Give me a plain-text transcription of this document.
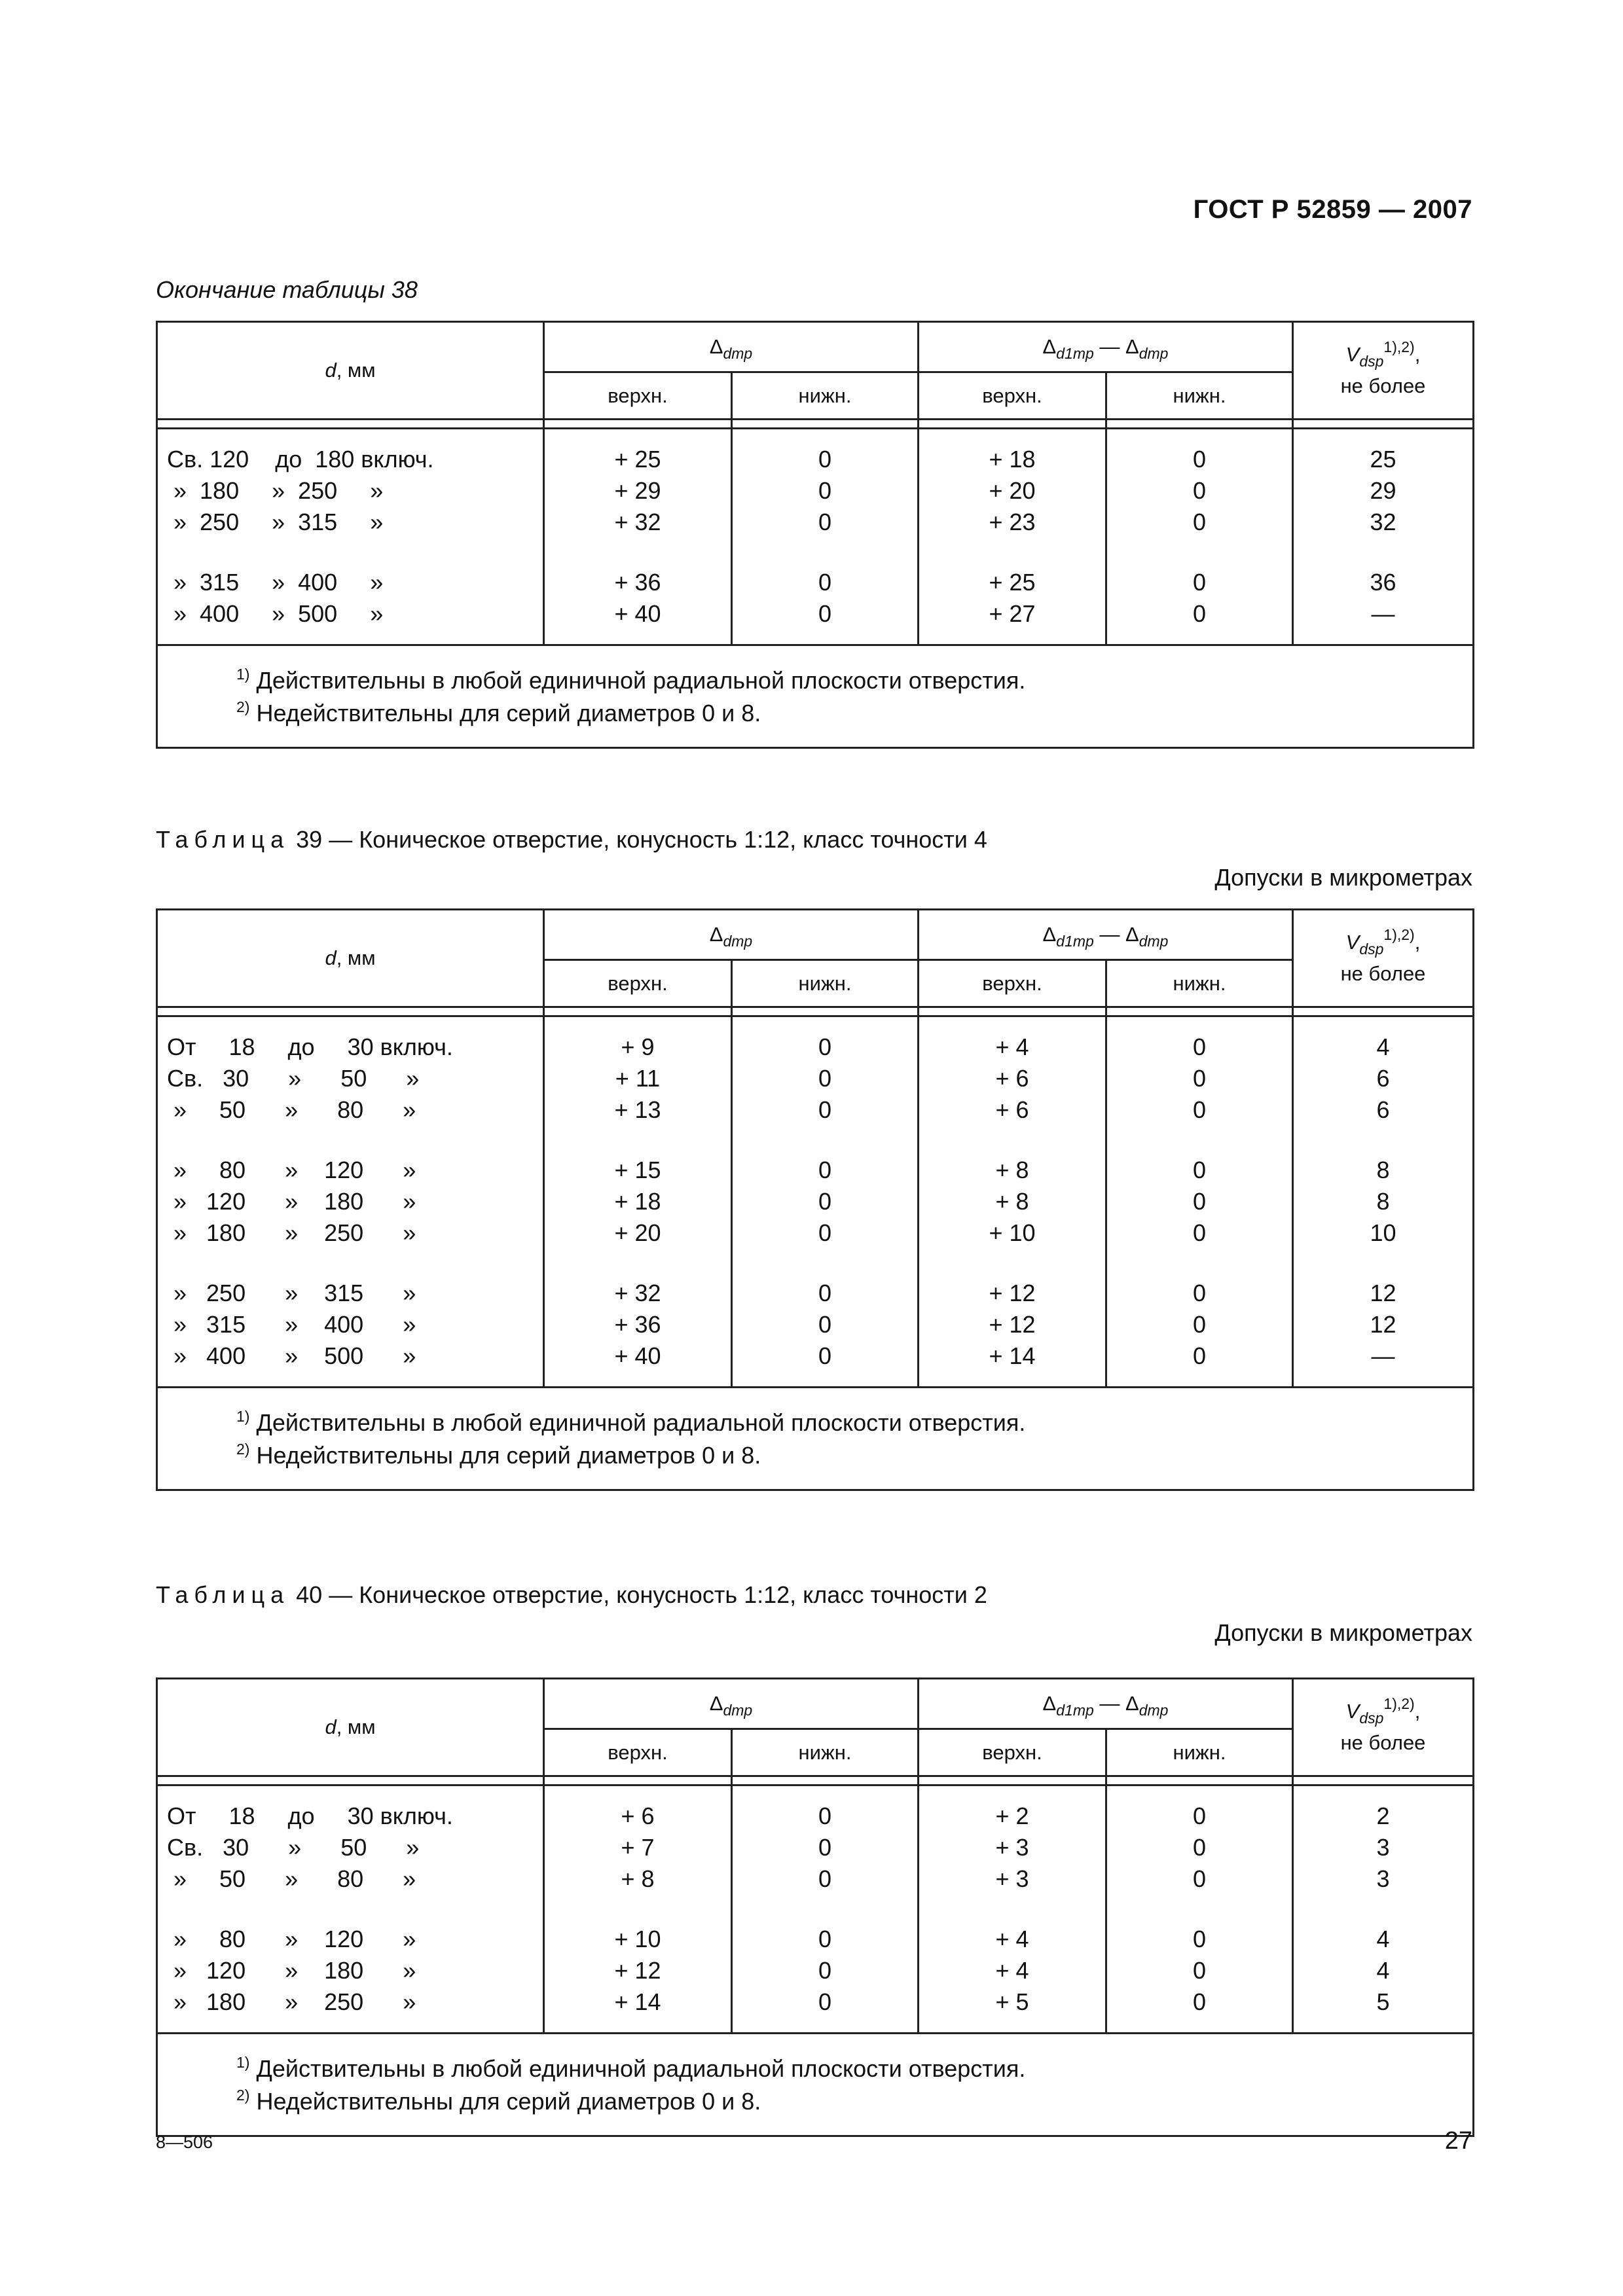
ГОСТ Р 52859 — 2007
Окончание таблицы 38
d, мм	$\Delta_{dmp}$		$\Delta_{d1mp}$ — $\Delta_{dmp}$		$V_{dsp}^{1),2)}$,
не более
	верхн.	нижн.	верхн.	нижн.	

Св. 120    до  180 включ.	+ 25	0	+ 18	0	25
»  180     »  250     »	+ 29	0	+ 20	0	29
»  250     »  315     »	+ 32	0	+ 23	0	32

»  315     »  400     »	+ 36	0	+ 25	0	36
»  400     »  500     »	+ 40	0	+ 27	0	—

$^{1)}$ Действительны в любой единичной радиальной плоскости отверстия.
$^{2)}$ Недействительны для серий диаметров 0 и 8.					
Таблица 39 — Коническое отверстие, конусность 1:12, класс точности 4
Допуски в микрометрах
d, мм	$\Delta_{dmp}$		$\Delta_{d1mp}$ — $\Delta_{dmp}$		$V_{dsp}^{1),2)}$,
не более
	верхн.	нижн.	верхн.	нижн.	

От     18     до     30 включ.	+ 9	0	+ 4	0	4
Св.   30      »      50      »	+ 11	0	+ 6	0	6
»     50      »      80      »	+ 13	0	+ 6	0	6

»     80      »    120      »	+ 15	0	+ 8	0	8
»   120      »    180      »	+ 18	0	+ 8	0	8
»   180      »    250      »	+ 20	0	+ 10	0	10

»   250      »    315      »	+ 32	0	+ 12	0	12
»   315      »    400      »	+ 36	0	+ 12	0	12
»   400      »    500      »	+ 40	0	+ 14	0	—

$^{1)}$ Действительны в любой единичной радиальной плоскости отверстия.
$^{2)}$ Недействительны для серий диаметров 0 и 8.					
Таблица 40 — Коническое отверстие, конусность 1:12, класс точности 2
Допуски в микрометрах
d, мм	$\Delta_{dmp}$		$\Delta_{d1mp}$ — $\Delta_{dmp}$		$V_{dsp}^{1),2)}$,
не более
	верхн.	нижн.	верхн.	нижн.	

От     18     до     30 включ.	+ 6	0	+ 2	0	2
Св.   30      »      50      »	+ 7	0	+ 3	0	3
»     50      »      80      »	+ 8	0	+ 3	0	3

»     80      »    120      »	+ 10	0	+ 4	0	4
»   120      »    180      »	+ 12	0	+ 4	0	4
»   180      »    250      »	+ 14	0	+ 5	0	5

$^{1)}$ Действительны в любой единичной радиальной плоскости отверстия.
$^{2)}$ Недействительны для серий диаметров 0 и 8.					
8—506	27
